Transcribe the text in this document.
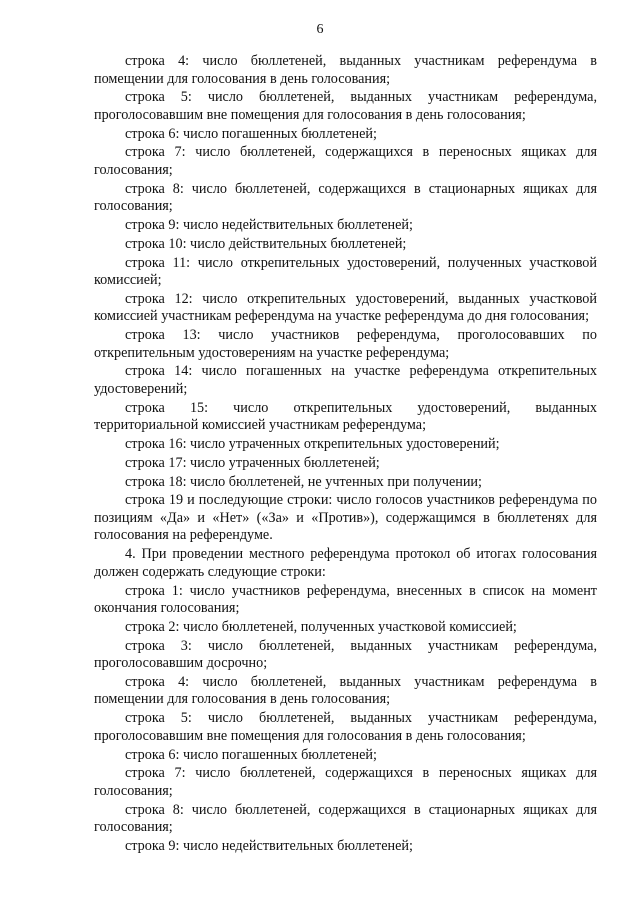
6

строка 4: число бюллетеней, выданных участникам референдума в помещении для голосования в день голосования;

строка 5: число бюллетеней, выданных участникам референдума, проголосовавшим вне помещения для голосования в день голосования;

строка 6: число погашенных бюллетеней;

строка 7: число бюллетеней, содержащихся в переносных ящиках для голосования;

строка 8: число бюллетеней, содержащихся в стационарных ящиках для голосования;

строка 9: число недействительных бюллетеней;

строка 10: число действительных бюллетеней;

строка 11: число открепительных удостоверений, полученных участковой комиссией;

строка 12: число открепительных удостоверений, выданных участковой комиссией участникам референдума на участке референдума до дня голосования;

строка 13: число участников референдума, проголосовавших по открепительным удостоверениям на участке референдума;

строка 14: число погашенных на участке референдума открепительных удостоверений;

строка 15: число открепительных удостоверений, выданных территориальной комиссией участникам референдума;

строка 16: число утраченных открепительных удостоверений;

строка 17: число утраченных бюллетеней;

строка 18: число бюллетеней, не учтенных при получении;

строка 19 и последующие строки: число голосов участников референдума по позициям «Да» и «Нет» («За» и «Против»), содержащимся в бюллетенях для голосования на референдуме.

4. При проведении местного референдума протокол об итогах голосования должен содержать следующие строки:

строка 1: число участников референдума, внесенных в список на момент окончания голосования;

строка 2: число бюллетеней, полученных участковой комиссией;

строка 3: число бюллетеней, выданных участникам референдума, проголосовавшим досрочно;

строка 4: число бюллетеней, выданных участникам референдума в помещении для голосования в день голосования;

строка 5: число бюллетеней, выданных участникам референдума, проголосовавшим вне помещения для голосования в день голосования;

строка 6: число погашенных бюллетеней;

строка 7: число бюллетеней, содержащихся в переносных ящиках для голосования;

строка 8: число бюллетеней, содержащихся в стационарных ящиках для голосования;

строка 9: число недействительных бюллетеней;
